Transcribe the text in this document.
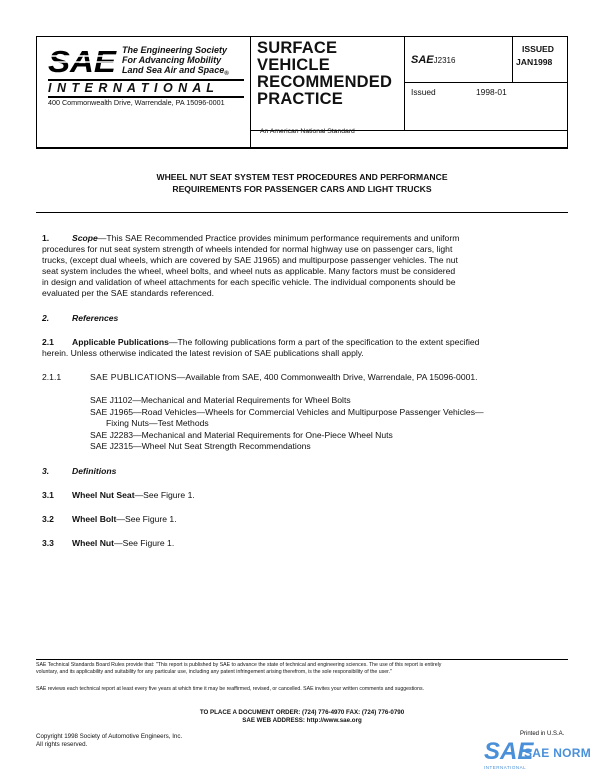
SAE The Engineering Society
For Advancing Mobility
Land Sea Air and Space$_®$
I N T E R N A T I O N A L
400 Commonwealth Drive, Warrendale, PA 15096-0001
SURFACE
VEHICLE
RECOMMENDED
PRACTICE
SAEJ2316
ISSUED
JAN1998
Issued	1998-01
An American National Standard
WHEEL NUT SEAT SYSTEM TEST PROCEDURES AND PERFORMANCE
REQUIREMENTS FOR PASSENGER CARS AND LIGHT TRUCKS
1.	Scope—This SAE Recommended Practice provides minimum performance requirements and uniform
procedures for nut seat system strength of wheels intended for normal highway use on passenger cars, light
trucks, (except dual wheels, which are covered by SAE J1965) and multipurpose passenger vehicles. The nut
seat system includes the wheel, wheel bolts, and wheel nuts as applicable. Many factors must be considered
in design and validation of wheel attachments for each specific vehicle. The individual components should be
evaluated per the SAE standards referenced.
2.	References
2.1 Applicable Publications—The following publications form a part of the specification to the extent specified
herein. Unless otherwise indicated the latest revision of SAE publications shall apply.
2.1.1	SAE PUBLICATIONS—Available from SAE, 400 Commonwealth Drive, Warrendale, PA 15096-0001.
SAE J1102—Mechanical and Material Requirements for Wheel Bolts
SAE J1965—Road Vehicles—Wheels for Commercial Vehicles and Multipurpose Passenger Vehicles—
Fixing Nuts—Test Methods
SAE J2283—Mechanical and Material Requirements for One-Piece Wheel Nuts
SAE J2315—Wheel Nut Seat Strength Recommendations
3.	Definitions
3.1 Wheel Nut Seat—See Figure 1.
3.2 Wheel Bolt—See Figure 1.
3.3 Wheel Nut—See Figure 1.
SAE Technical Standards Board Rules provide that: "This report is published by SAE to advance the state of technical and engineering sciences. The use of this report is entirely
voluntary, and its applicability and suitability for any particular use, including any patent infringement arising therefrom, is the sole responsibility of the user."
SAE reviews each technical report at least every five years at which time it may be reaffirmed, revised, or cancelled. SAE invites your written comments and suggestions.
TO PLACE A DOCUMENT ORDER: (724) 776-4970 FAX: (724) 776-0790
SAE WEB ADDRESS: http://www.sae.org
Copyright 1998 Society of Automotive Engineers, Inc.
All rights reserved.
Printed in U.S.A.
SAE
SAE NORM
INTERNATIONAL
